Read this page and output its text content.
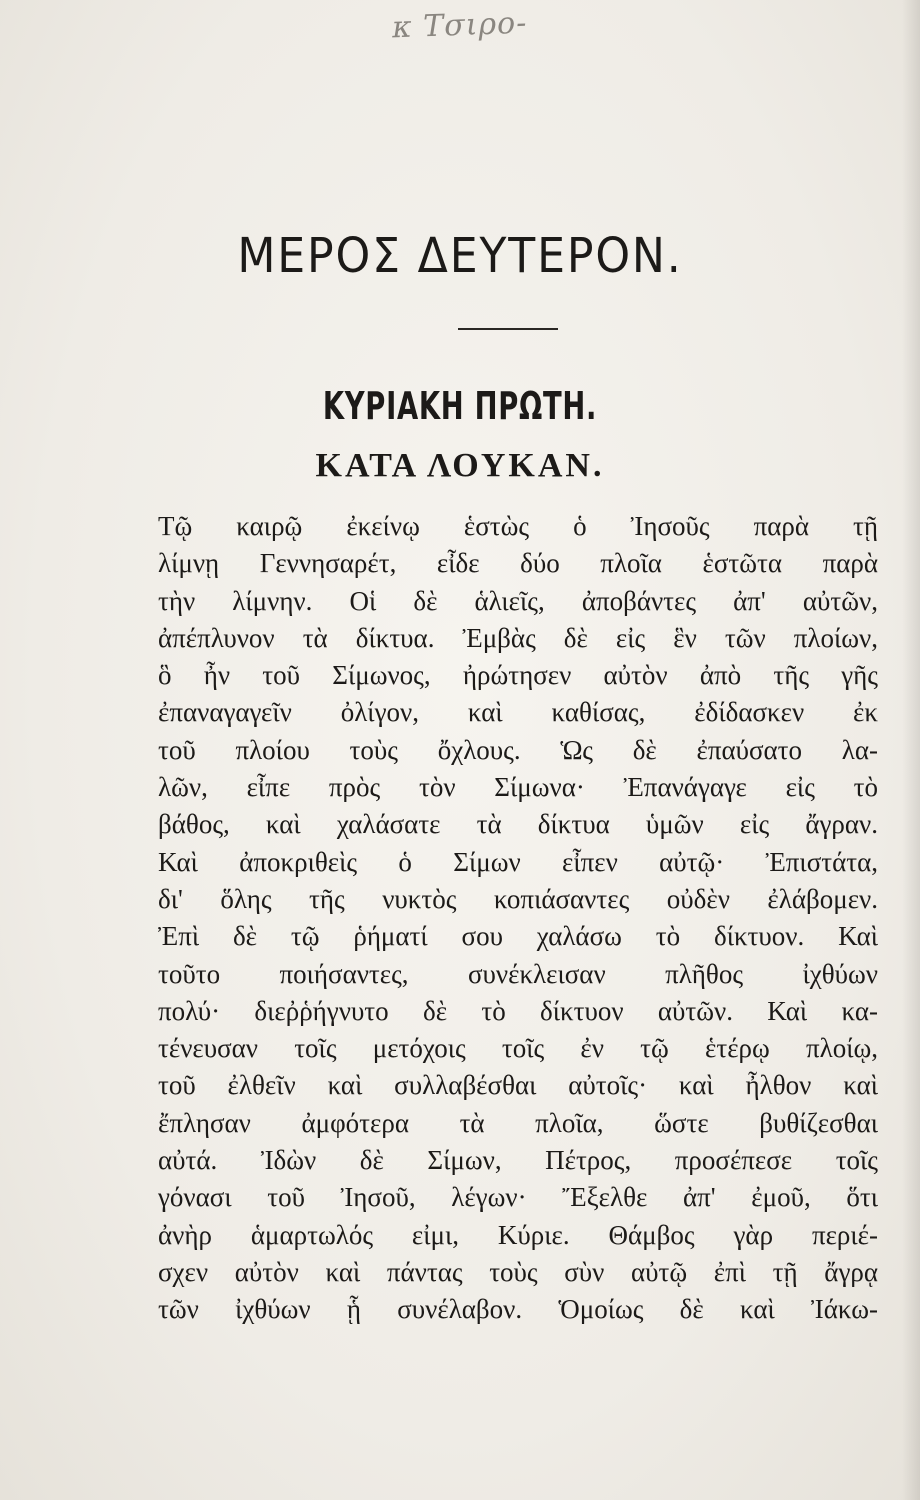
κ Τσιρο-
ΜΕΡΟΣ ΔΕΥΤΕΡΟΝ.
ΚΥΡΙΑΚΗ ΠΡΩΤΗ.
ΚΑΤΑ ΛΟΥΚΑΝ.
Τῷ καιρῷ ἐκείνῳ ἑστὼς ὁ Ἰησοῦς παρὰ τῇ
λίμνῃ Γεννησαρέτ, εἶδε δύο πλοῖα ἑστῶτα παρὰ
τὴν λίμνην. Οἱ δὲ ἁλιεῖς, ἀποβάντες ἀπ' αὐτῶν,
ἀπέπλυνον τὰ δίκτυα. Ἐμβὰς δὲ εἰς ἓν τῶν πλοίων,
ὃ ἦν τοῦ Σίμωνος, ἠρώτησεν αὐτὸν ἀπὸ τῆς γῆς
ἐπαναγαγεῖν ὀλίγον, καὶ καθίσας, ἐδίδασκεν ἐκ
τοῦ πλοίου τοὺς ὄχλους. Ὡς δὲ ἐπαύσατο λα-
λῶν, εἶπε πρὸς τὸν Σίμωνα· Ἐπανάγαγε εἰς τὸ
βάθος, καὶ χαλάσατε τὰ δίκτυα ὑμῶν εἰς ἄγραν.
Καὶ ἀποκριθεὶς ὁ Σίμων εἶπεν αὐτῷ· Ἐπιστάτα,
δι' ὅλης τῆς νυκτὸς κοπιάσαντες οὐδὲν ἐλάβομεν.
Ἐπὶ δὲ τῷ ῥήματί σου χαλάσω τὸ δίκτυον. Καὶ
τοῦτο ποιήσαντες, συνέκλεισαν πλῆθος ἰχθύων
πολύ· διεῤῥήγνυτο δὲ τὸ δίκτυον αὐτῶν. Καὶ κα-
τένευσαν τοῖς μετόχοις τοῖς ἐν τῷ ἑτέρῳ πλοίῳ,
τοῦ ἐλθεῖν καὶ συλλαβέσθαι αὐτοῖς· καὶ ἦλθον καὶ
ἔπλησαν ἀμφότερα τὰ πλοῖα, ὥστε βυθίζεσθαι
αὐτά. Ἰδὼν δὲ Σίμων, Πέτρος, προσέπεσε τοῖς
γόνασι τοῦ Ἰησοῦ, λέγων· Ἔξελθε ἀπ' ἐμοῦ, ὅτι
ἀνὴρ ἁμαρτωλός εἰμι, Κύριε. Θάμβος γὰρ περιέ-
σχεν αὐτὸν καὶ πάντας τοὺς σὺν αὐτῷ ἐπὶ τῇ ἄγρᾳ
τῶν ἰχθύων ᾗ συνέλαβον. Ὁμοίως δὲ καὶ Ἰάκω-
